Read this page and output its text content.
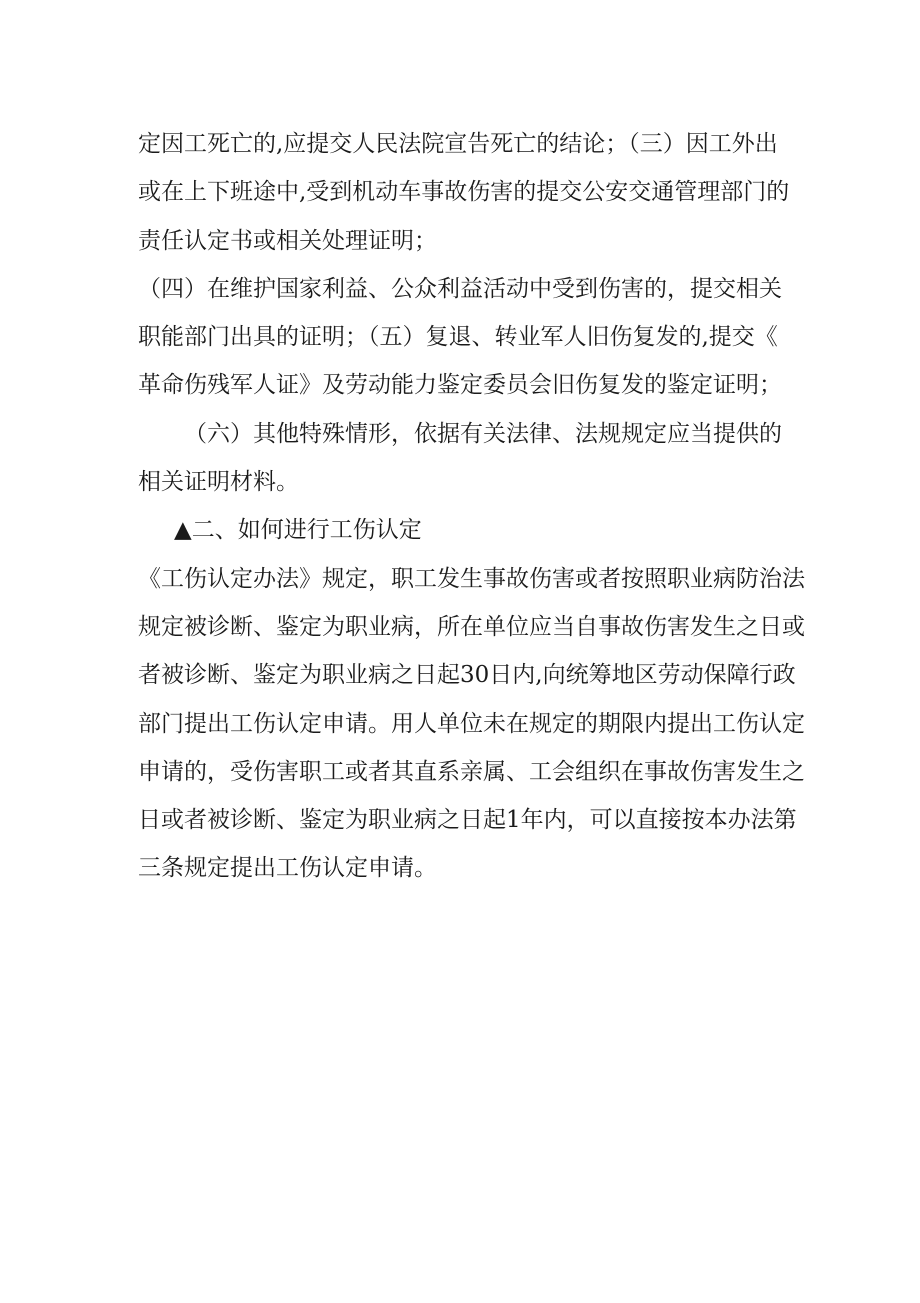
定因工死亡的,应提交人民法院宣告死亡的结论；（三）因工外出
或在上下班途中,受到机动车事故伤害的提交公安交通管理部门的
责任认定书或相关处理证明；
（四）在维护国家利益、公众利益活动中受到伤害的，提交相关
职能部门出具的证明；（五）复退、转业军人旧伤复发的,提交《
革命伤残军人证》及劳动能力鉴定委员会旧伤复发的鉴定证明；
（六）其他特殊情形，依据有关法律、法规规定应当提供的
相关证明材料。
▲二、如何进行工伤认定
《工伤认定办法》规定，职工发生事故伤害或者按照职业病防治法
规定被诊断、鉴定为职业病，所在单位应当自事故伤害发生之日或
者被诊断、鉴定为职业病之日起30日内,向统筹地区劳动保障行政
部门提出工伤认定申请。用人单位未在规定的期限内提出工伤认定
申请的，受伤害职工或者其直系亲属、工会组织在事故伤害发生之
日或者被诊断、鉴定为职业病之日起1年内，可以直接按本办法第
三条规定提出工伤认定申请。
